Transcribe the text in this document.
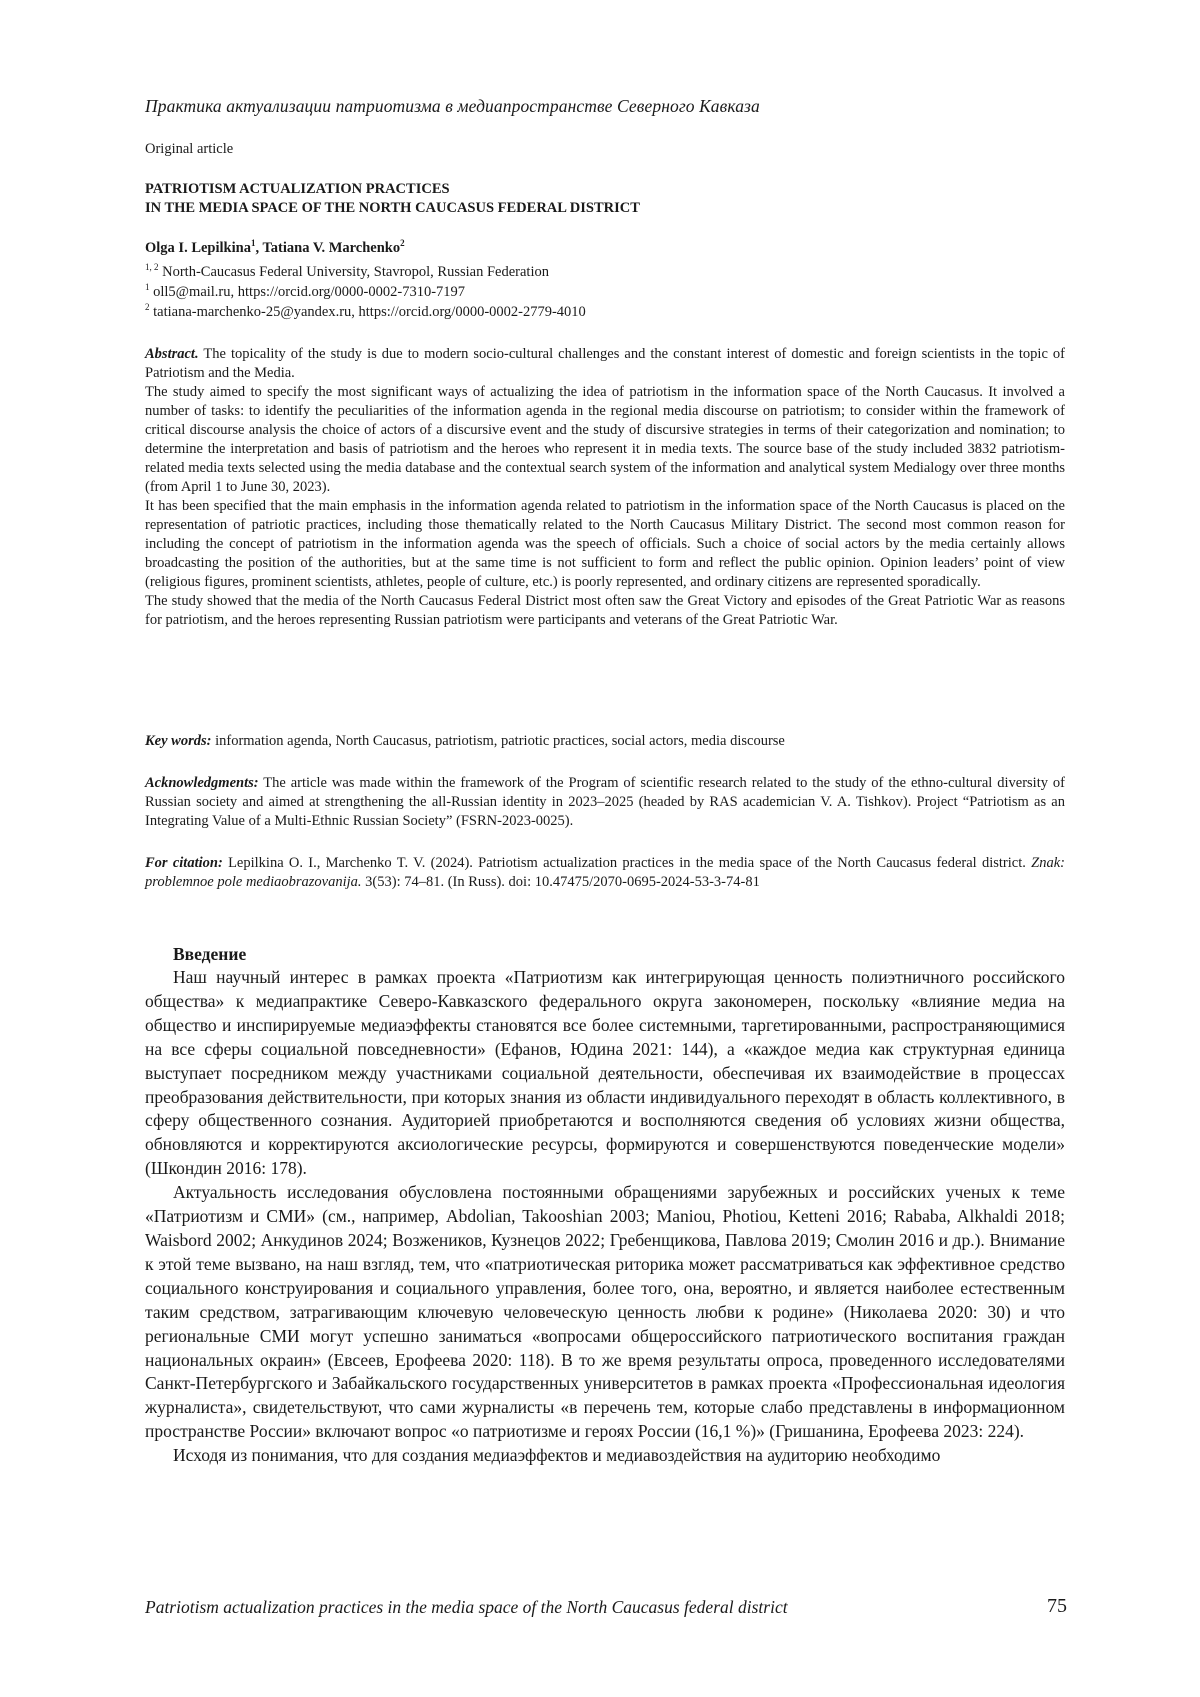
Практика актуализации патриотизма в медиапространстве Северного Кавказа
Original article
PATRIOTISM ACTUALIZATION PRACTICES
IN THE MEDIA SPACE OF THE NORTH CAUCASUS FEDERAL DISTRICT
Olga I. Lepilkina$^1$, Tatiana V. Marchenko$^2$
$^{1, 2}$ North-Caucasus Federal University, Stavropol, Russian Federation
$^1$ oll5@mail.ru, https://orcid.org/0000-0002-7310-7197
$^2$ tatiana-marchenko-25@yandex.ru, https://orcid.org/0000-0002-2779-4010

Abstract. The topicality of the study is due to modern socio-cultural challenges and the constant interest of domestic and foreign scientists in the topic of Patriotism and the Media.

The study aimed to specify the most significant ways of actualizing the idea of patriotism in the information space of the North Caucasus. It involved a number of tasks: to identify the peculiarities of the information agenda in the regional media discourse on patriotism; to consider within the framework of critical discourse analysis the choice of actors of a discursive event and the study of discursive strategies in terms of their categorization and nomination; to determine the interpretation and basis of patriotism and the heroes who represent it in media texts. The source base of the study included 3832 patriotism-related media texts selected using the media database and the contextual search system of the information and analytical system Medialogy over three months (from April 1 to June 30, 2023).

It has been specified that the main emphasis in the information agenda related to patriotism in the information space of the North Caucasus is placed on the representation of patriotic practices, including those thematically related to the North Caucasus Military District. The second most common reason for including the concept of patriotism in the information agenda was the speech of officials. Such a choice of social actors by the media certainly allows broadcasting the position of the authorities, but at the same time is not sufficient to form and reflect the public opinion. Opinion leaders’ point of view (religious figures, prominent scientists, athletes, people of culture, etc.) is poorly represented, and ordinary citizens are represented sporadically.

The study showed that the media of the North Caucasus Federal District most often saw the Great Victory and episodes of the Great Patriotic War as reasons for patriotism, and the heroes representing Russian patriotism were participants and veterans of the Great Patriotic War.

Key words: information agenda, North Caucasus, patriotism, patriotic practices, social actors, media discourse
Acknowledgments: The article was made within the framework of the Program of scientific research related to the study of the ethno-cultural diversity of Russian society and aimed at strengthening the all-Russian identity in 2023–2025 (headed by RAS academician V. A. Tishkov). Project “Patriotism as an Integrating Value of a Multi-Ethnic Russian Society” (FSRN-2023-0025).
For citation: Lepilkina O. I., Marchenko T. V. (2024). Patriotism actualization practices in the media space of the North Caucasus federal district. Znak: problemnoe pole mediaobrazovanija. 3(53): 74–81. (In Russ). doi: 10.47475/2070-0695-2024-53-3-74-81
Введение

Наш научный интерес в рамках проекта «Патриотизм как интегрирующая ценность полиэтничного российского общества» к медиапрактике Северо-Кавказского федерального округа закономерен, поскольку «влияние медиа на общество и инспирируемые медиаэффекты становятся все более системными, таргетированными, распространяющимися на все сферы социальной повседневности» (Ефанов, Юдина 2021: 144), а «каждое медиа как структурная единица выступает посредником между участниками социальной деятельности, обеспечивая их взаимодействие в процессах преобразования действительности, при которых знания из области индивидуального переходят в область коллективного, в сферу общественного сознания. Аудиторией приобретаются и восполняются сведения об условиях жизни общества, обновляются и корректируются аксиологические ресурсы, формируются и совершенствуются поведенческие модели» (Шкондин 2016: 178).

Актуальность исследования обусловлена постоянными обращениями зарубежных и российских ученых к теме «Патриотизм и СМИ» (см., например, Abdolian, Takooshian 2003; Maniou, Photiou, Ketteni 2016; Rababa, Alkhaldi 2018; Waisbord 2002; Анкудинов 2024; Возжеников, Кузнецов 2022; Гребенщикова, Павлова 2019; Смолин 2016 и др.). Внимание к этой теме вызвано, на наш взгляд, тем, что «патриотическая риторика может рассматриваться как эффективное средство социального конструирования и социального управления, более того, она, вероятно, и является наиболее естественным таким средством, затрагивающим ключевую человеческую ценность любви к родине» (Николаева 2020: 30) и что региональные СМИ могут успешно заниматься «вопросами общероссийского патриотического воспитания граждан национальных окраин» (Евсеев, Ерофеева 2020: 118). В то же время результаты опроса, проведенного исследователями Санкт-Петербургского и Забайкальского государственных университетов в рамках проекта «Профессиональная идеология журналиста», свидетельствуют, что сами журналисты «в перечень тем, которые слабо представлены в информационном пространстве России» включают вопрос «о патриотизме и героях России (16,1 %)» (Гришанина, Ерофеева 2023: 224).

Исходя из понимания, что для создания медиаэффектов и медиавоздействия на аудиторию необходимо

Patriotism actualization practices in the media space of the North Caucasus federal district	75
